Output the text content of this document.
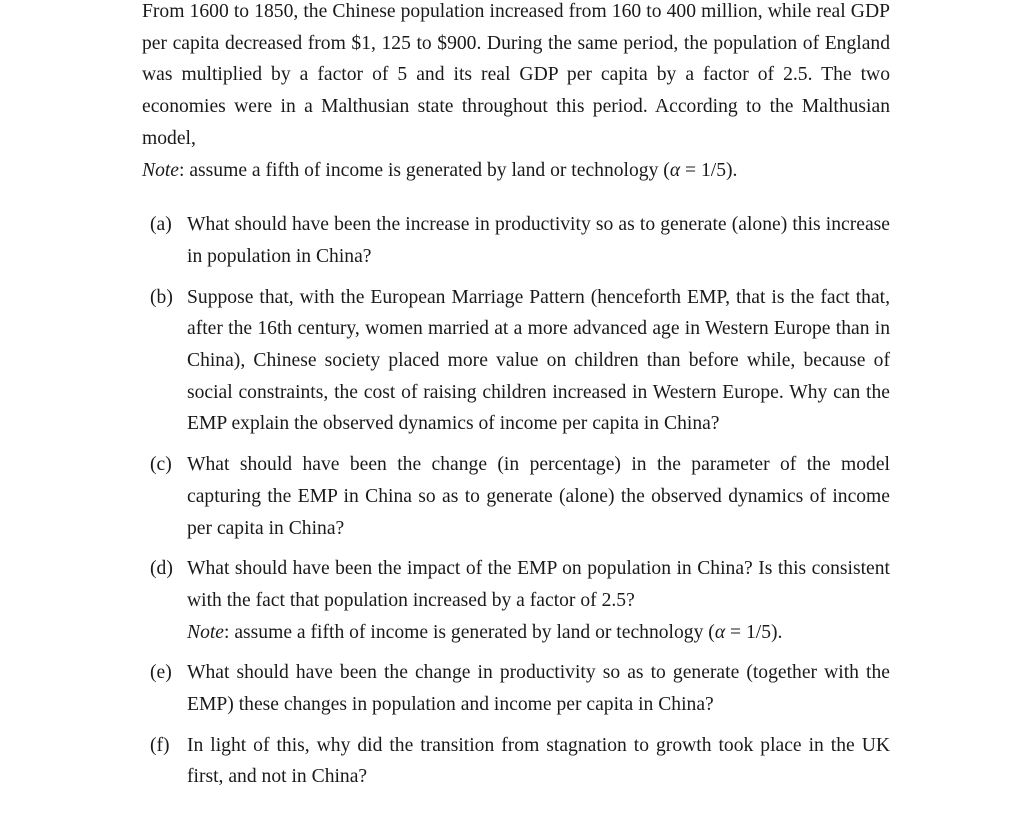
From 1600 to 1850, the Chinese population increased from 160 to 400 million, while real GDP per capita decreased from $1, 125 to $900. During the same period, the population of England was multiplied by a factor of 5 and its real GDP per capita by a factor of 2.5. The two economies were in a Malthusian state throughout this period. According to the Malthusian model,

Note: assume a fifth of income is generated by land or technology (α = 1/5).

(a) What should have been the increase in productivity so as to generate (alone) this increase in population in China?
(b) Suppose that, with the European Marriage Pattern (henceforth EMP, that is the fact that, after the 16th century, women married at a more advanced age in Western Europe than in China), Chinese society placed more value on children than before while, because of social constraints, the cost of raising children increased in Western Europe. Why can the EMP explain the observed dynamics of income per capita in China?
(c) What should have been the change (in percentage) in the parameter of the model capturing the EMP in China so as to generate (alone) the observed dynamics of income per capita in China?
(d) What should have been the impact of the EMP on population in China? Is this consistent with the fact that population increased by a factor of 2.5?
Note: assume a fifth of income is generated by land or technology (α = 1/5).
(e) What should have been the change in productivity so as to generate (together with the EMP) these changes in population and income per capita in China?
(f) In light of this, why did the transition from stagnation to growth took place in the UK first, and not in China?
